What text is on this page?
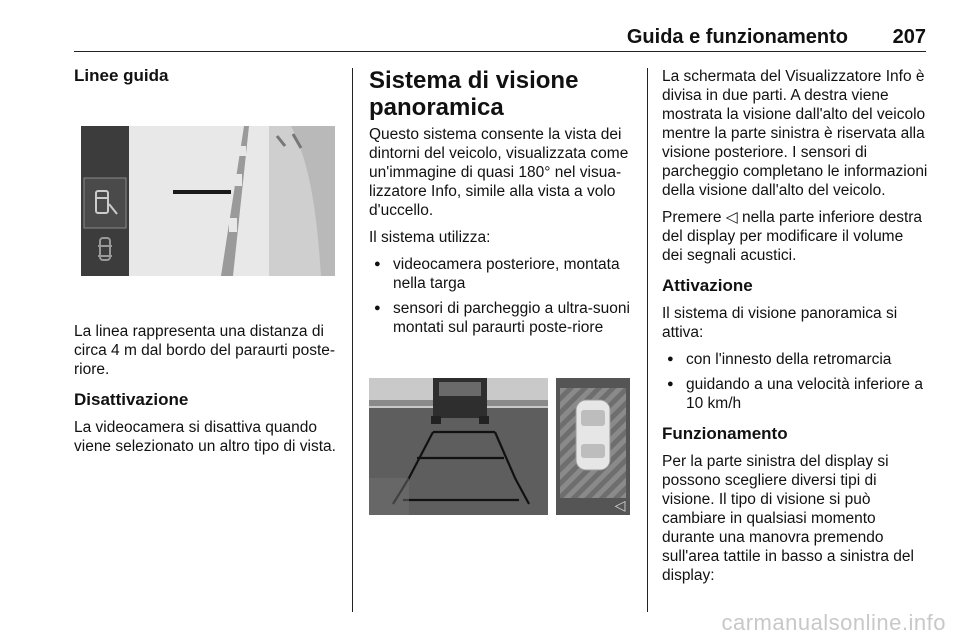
Guida e funzionamento 207
Linee guida

La linea rappresenta una distanza di circa 4 m dal bordo del paraurti poste-riore.

Disattivazione

La videocamera si disattiva quando viene selezionato un altro tipo di vista.

Sistema di visione
panoramica

Questo sistema consente la vista dei dintorni del veicolo, visualizzata come un'immagine di quasi 180° nel visua-lizzatore Info, simile alla vista a volo d'uccello.

Il sistema utilizza:

● videocamera posteriore, montata nella targa
● sensori di parcheggio a ultra-suoni montati sul paraurti poste-riore
◁

La schermata del Visualizzatore Info è divisa in due parti. A destra viene mostrata la visione dall'alto del veicolo mentre la parte sinistra è riservata alla visione posteriore. I sensori di parcheggio completano le informazioni della visione dall'alto del veicolo.

Premere ◁ nella parte inferiore destra del display per modificare il volume dei segnali acustici.

Attivazione

Il sistema di visione panoramica si attiva:

● con l'innesto della retromarcia
● guidando a una velocità inferiore a 10 km/h
Funzionamento

Per la parte sinistra del display si possono scegliere diversi tipi di visione. Il tipo di visione si può cambiare in qualsiasi momento durante una manovra premendo sull'area tattile in basso a sinistra del display:

carmanualsonline.info
